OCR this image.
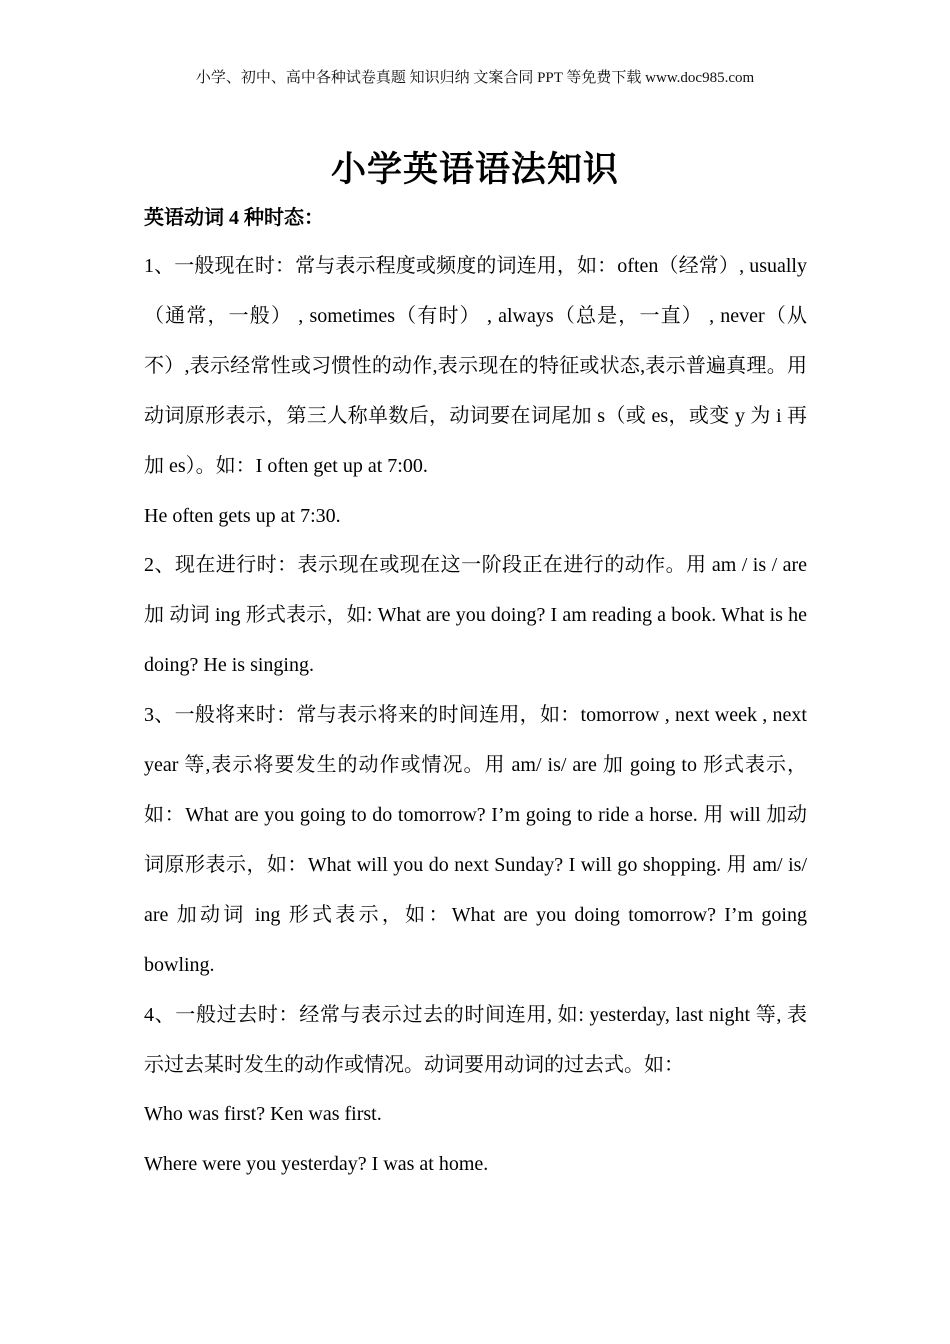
小学、初中、高中各种试卷真题 知识归纳 文案合同 PPT 等免费下载 www.doc985.com
小学英语语法知识
英语动词 4 种时态：

1、一般现在时：常与表示程度或频度的词连用，如：often（经常）, usually（通常，一般） , sometimes（有时） , always（总是，一直） , never（从不）,表示经常性或习惯性的动作,表示现在的特征或状态,表示普遍真理。用动词原形表示，第三人称单数后，动词要在词尾加 s（或 es，或变 y 为 i 再加 es）。如：I often get up at 7:00.

He often gets up at 7:30.

2、现在进行时：表示现在或现在这一阶段正在进行的动作。用 am / is / are 加 动词 ing 形式表示，如: What are you doing? I am reading a book. What is he doing? He is singing.

3、一般将来时：常与表示将来的时间连用，如：tomorrow , next week , next year 等,表示将要发生的动作或情况。用 am/ is/ are 加 going to 形式表示，如：What are you going to do tomorrow? I’m going to ride a horse. 用 will 加动词原形表示，如：What will you do next Sunday? I will go shopping. 用 am/ is/ are 加动词 ing 形式表示，如：What are you doing tomorrow? I’m going bowling.

4、一般过去时：经常与表示过去的时间连用, 如: yesterday, last night 等, 表示过去某时发生的动作或情况。动词要用动词的过去式。如：

Who was first? Ken was first.

Where were you yesterday? I was at home.
